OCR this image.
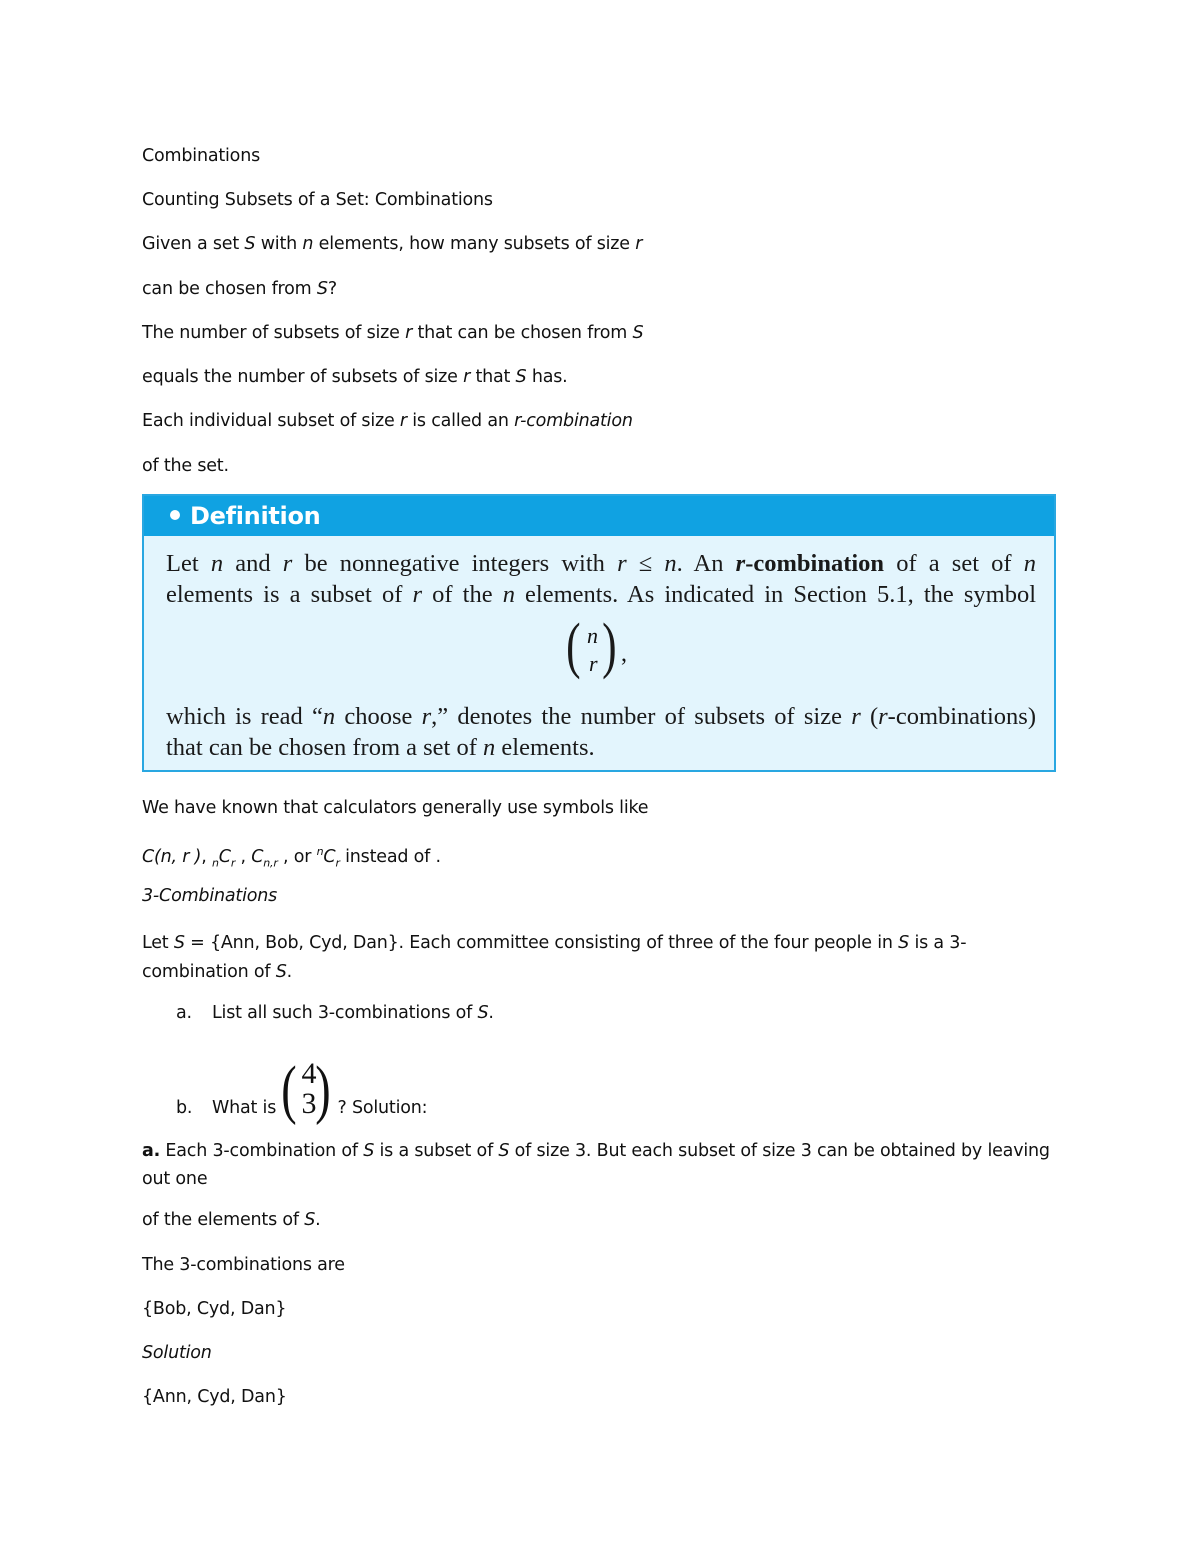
Combinations
Counting Subsets of a Set: Combinations
Given a set S with n elements, how many subsets of size r
can be chosen from S?
The number of subsets of size r that can be chosen from S
equals the number of subsets of size r that S has.
Each individual subset of size r is called an r-combination
of the set.
Definition
Let n and r be nonnegative integers with r ≤ n. An r-combination of a set of n
elements is a subset of r of the n elements. As indicated in Section 5.1, the symbol
( n
r ) ,
which is read “n choose r,” denotes the number of subsets of size r (r-combinations)
that can be chosen from a set of n elements.
We have known that calculators generally use symbols like
C(n, r ), $_nC_r$ , $C_{n,r}$ , or $^nC_r$ instead of .
3-Combinations
Let S = {Ann, Bob, Cyd, Dan}. Each committee consisting of three of the four people in S is a 3-combination of S.
a. List all such 3-combinations of S.
b. What is ( 4
3
) ? Solution:
a. Each 3-combination of S is a subset of S of size 3. But each subset of size 3 can be obtained by leaving out one
of the elements of S.
The 3-combinations are
{Bob, Cyd, Dan}
Solution
{Ann, Cyd, Dan}
